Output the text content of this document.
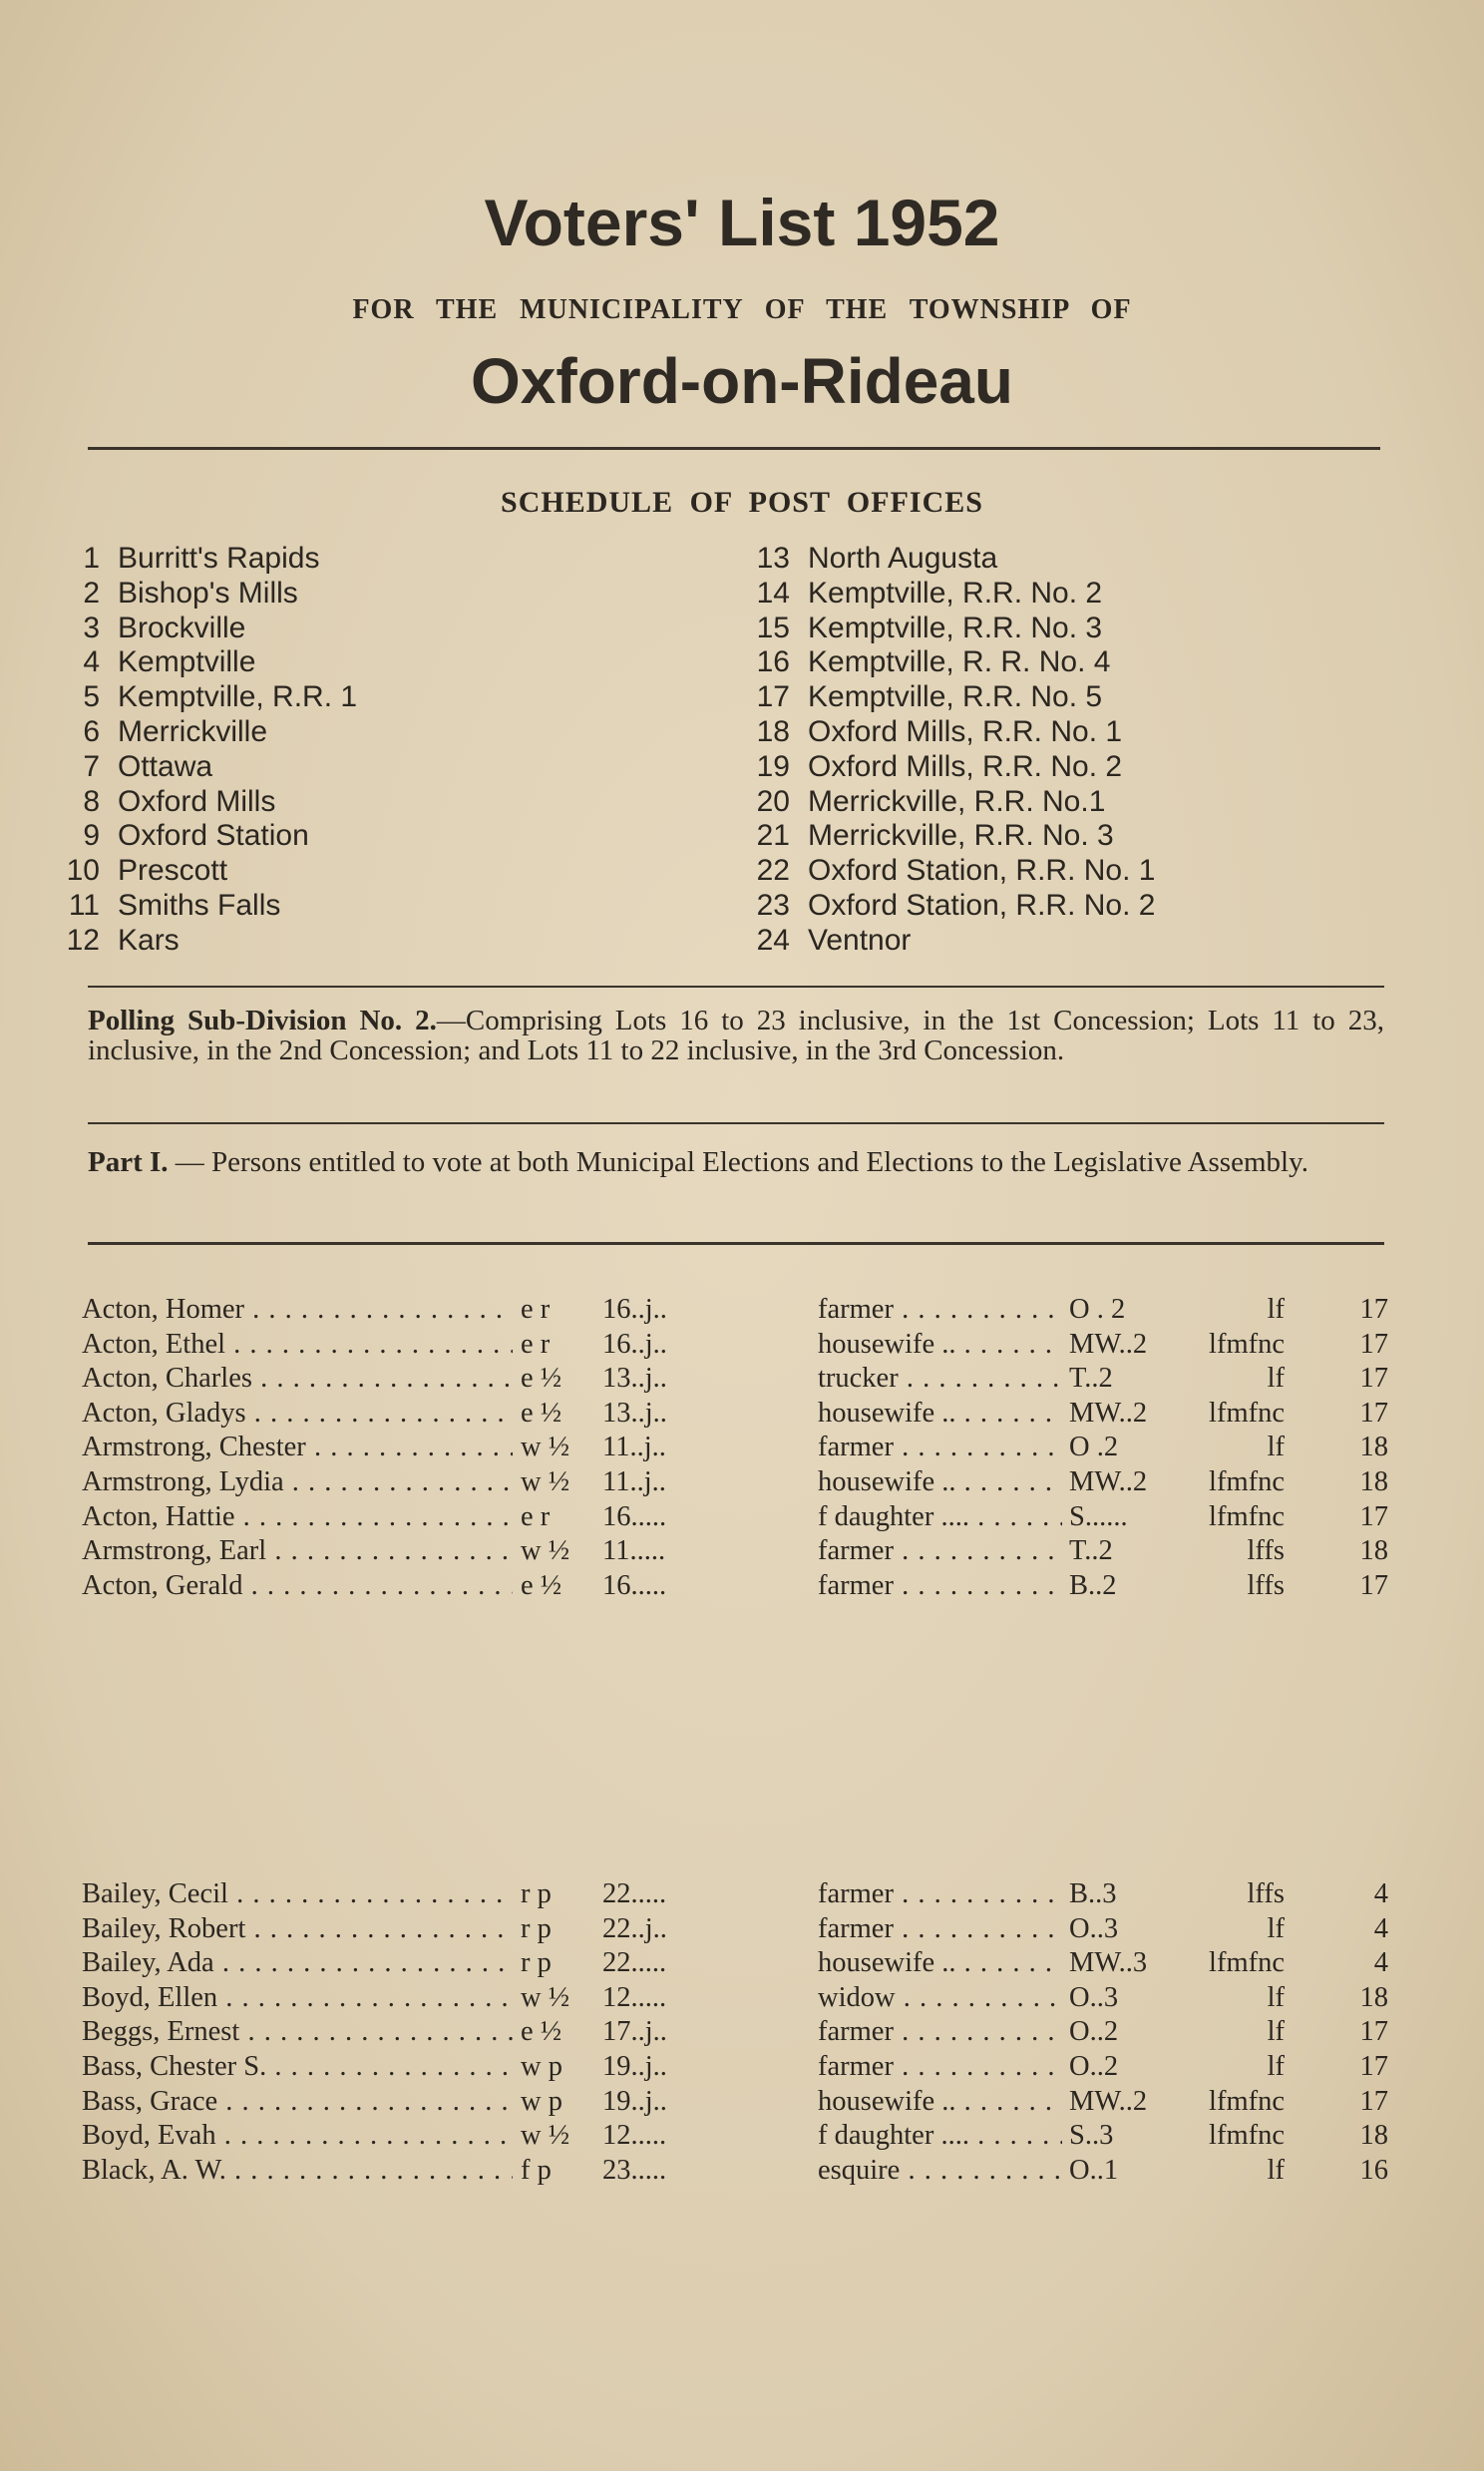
Voters' List 1952
FOR THE MUNICIPALITY OF THE TOWNSHIP OF
Oxford-on-Rideau
SCHEDULE OF POST OFFICES
1 Burritt's Rapids
2 Bishop's Mills
3 Brockville
4 Kemptville
5 Kemptville, R.R. 1
6 Merrickville
7 Ottawa
8 Oxford Mills
9 Oxford Station
10 Prescott
11 Smiths Falls
12 Kars
13 North Augusta
14 Kemptville, R.R. No. 2
15 Kemptville, R.R. No. 3
16 Kemptville, R. R. No. 4
17 Kemptville, R.R. No. 5
18 Oxford Mills, R.R. No. 1
19 Oxford Mills, R.R. No. 2
20 Merrickville, R.R. No.1
21 Merrickville, R.R. No. 3
22 Oxford Station, R.R. No. 1
23 Oxford Station, R.R. No. 2
24 Ventnor
Polling Sub-Division No. 2.—Comprising Lots 16 to 23 inclusive, in the 1st Concession; Lots 11 to 23, inclusive, in the 2nd Concession; and Lots 11 to 22 inclusive, in the 3rd Concession.
Part I. — Persons entitled to vote at both Municipal Elections and Elections to the Legislative Assembly.
Acton, Homer . . .	e r	16..j..	farmer . . .	O . 2	lf	17
Acton, Ethel . . .	e r	16..j..	housewife .. . . .	MW..2	lfmfnc	17
Acton, Charles . . .	e ½	13..j..	trucker . . .	T..2	lf	17
Acton, Gladys . . .	e ½	13..j..	housewife .. . . .	MW..2	lfmfnc	17
Armstrong, Chester . . .	w ½	11..j..	farmer . . .	O .2	lf	18
Armstrong, Lydia . . .	w ½	11..j..	housewife .. . . .	MW..2	lfmfnc	18
Acton, Hattie . . .	e r	16.....	f daughter .... . . .	S......	lfmfnc	17
Armstrong, Earl . . .	w ½	11.....	farmer . . .	T..2	lffs	18
Acton, Gerald . . .	e ½	16.....	farmer . . .	B..2	lffs	17
Bailey, Cecil . . .	r p	22.....	farmer . . .	B..3	lffs	4
Bailey, Robert . . .	r p	22..j..	farmer . . .	O..3	lf	4
Bailey, Ada . . .	r p	22.....	housewife .. . . .	MW..3	lfmfnc	4
Boyd, Ellen . . .	w ½	12.....	widow . . .	O..3	lf	18
Beggs, Ernest . . .	e ½	17..j..	farmer . . .	O..2	lf	17
Bass, Chester S. . . .	w p	19..j..	farmer . . .	O..2	lf	17
Bass, Grace . . .	w p	19..j..	housewife .. . . .	MW..2	lfmfnc	17
Boyd, Evah . . .	w ½	12.....	f daughter .... . . .	S..3	lfmfnc	18
Black, A. W. . . .	f p	23.....	esquire . . .	O..1	lf	16
